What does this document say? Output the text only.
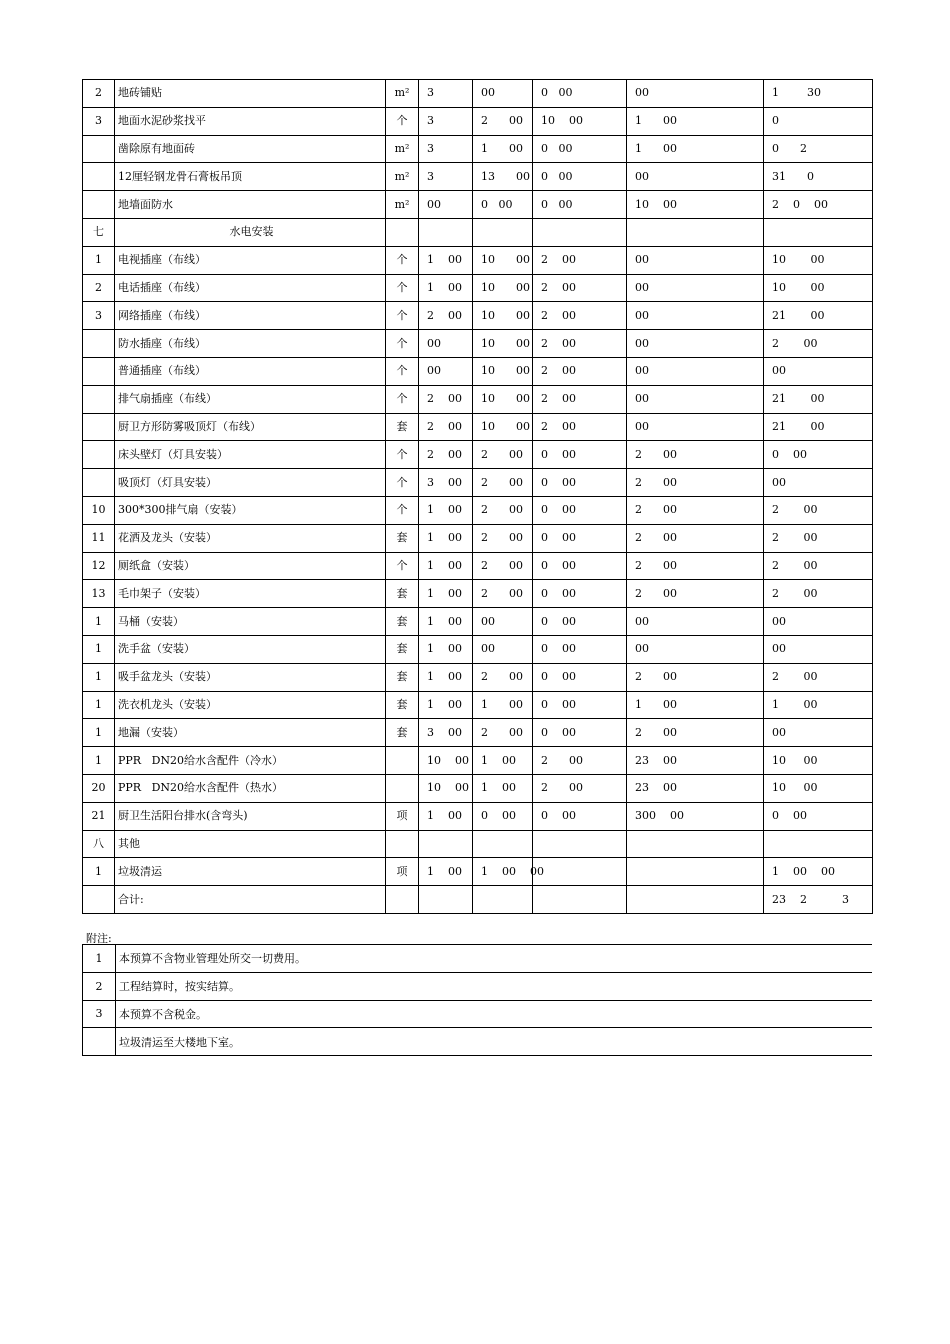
2	地砖铺贴	m²	3	00	0   00	00	1        30
3	地面水泥砂浆找平	个	3	2      00	10    00	1      00	0
	凿除原有地面砖	m²	3	1      00	0   00	1      00	0      2
	12厘轻钢龙骨石膏板吊顶	m²	3	13      00	0   00	00	31      0
	地墙面防水	m²	00	0   00	0   00	10    00	2    0    00
七	水电安装						
1	电视插座（布线）	个	1    00	10      00	2    00	00	10       00
2	电话插座（布线）	个	1    00	10      00	2    00	00	10       00
3	网络插座（布线）	个	2    00	10      00	2    00	00	21       00
	防水插座（布线）	个	00	10      00	2    00	00	2       00
	普通插座（布线）	个	00	10      00	2    00	00	00
	排气扇插座（布线）	个	2    00	10      00	2    00	00	21       00
	厨卫方形防雾吸顶灯（布线）	套	2    00	10      00	2    00	00	21       00
	床头壁灯（灯具安装）	个	2    00	2      00	0    00	2      00	0    00
	吸顶灯（灯具安装）	个	3    00	2      00	0    00	2      00	00
10	300*300排气扇（安装）	个	1    00	2      00	0    00	2      00	2       00
11	花洒及龙头（安装）	套	1    00	2      00	0    00	2      00	2       00
12	厕纸盒（安装）	个	1    00	2      00	0    00	2      00	2       00
13	毛巾架子（安装）	套	1    00	2      00	0    00	2      00	2       00
1	马桶（安装）	套	1    00	00	0    00	00	00
1	洗手盆（安装）	套	1    00	00	0    00	00	00
1	吸手盆龙头（安装）	套	1    00	2      00	0    00	2      00	2       00
1	洗衣机龙头（安装）	套	1    00	1      00	0    00	1      00	1       00
1	地漏（安装）	套	3    00	2      00	0    00	2      00	00
1	PPR   DN20给水含配件（冷水）		10    00	1    00	2      00	23    00	10     00
20	PPR   DN20给水含配件（热水）		10    00	1    00	2      00	23    00	10     00
21	厨卫生活阳台排水(含弯头)	项	1    00	0    00	0    00	300    00	0    00
八	其他						
1	垃圾清运	项	1    00	1    00    00			1    00    00
	合计:						23    2          3
附注:
1	本预算不含物业管理处所交一切费用。
2	工程结算时，按实结算。
3	本预算不含税金。
	垃圾清运至大楼地下室。
